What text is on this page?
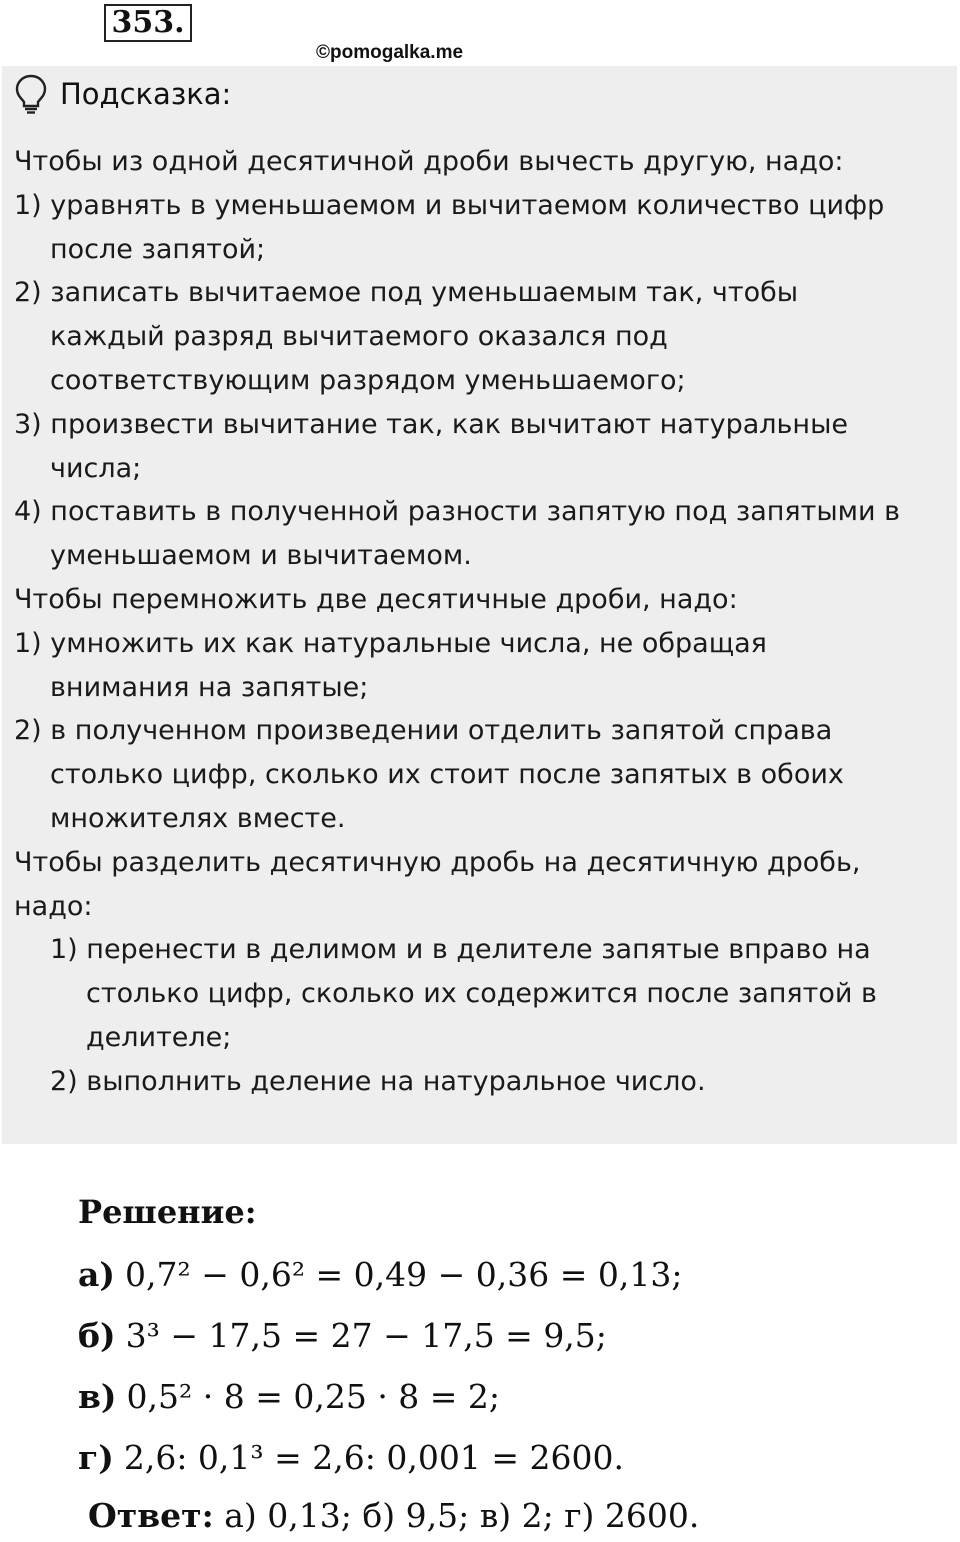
353.
©pomogalka.me
Подсказка:
Чтобы из одной десятичной дроби вычесть другую, надо:
1) уравнять в уменьшаемом и вычитаемом количество цифр
после запятой;
2) записать вычитаемое под уменьшаемым так, чтобы
каждый разряд вычитаемого оказался под
соответствующим разрядом уменьшаемого;
3) произвести вычитание так, как вычитают натуральные
числа;
4) поставить в полученной разности запятую под запятыми в
уменьшаемом и вычитаемом.
Чтобы перемножить две десятичные дроби, надо:
1) умножить их как натуральные числа, не обращая
внимания на запятые;
2) в полученном произведении отделить запятой справа
столько цифр, сколько их стоит после запятых в обоих
множителях вместе.
Чтобы разделить десятичную дробь на десятичную дробь,
надо:
1) перенести в делимом и в делителе запятые вправо на
столько цифр, сколько их содержится после запятой в
делителе;
2) выполнить деление на натуральное число.
Решение:
а) 0,7² − 0,6² = 0,49 − 0,36 = 0,13;
б) 3³ − 17,5 = 27 − 17,5 = 9,5;
в) 0,5² · 8 = 0,25 · 8 = 2;
г) 2,6: 0,1³ = 2,6: 0,001 = 2600.
Ответ: а) 0,13; б) 9,5; в) 2; г) 2600.
